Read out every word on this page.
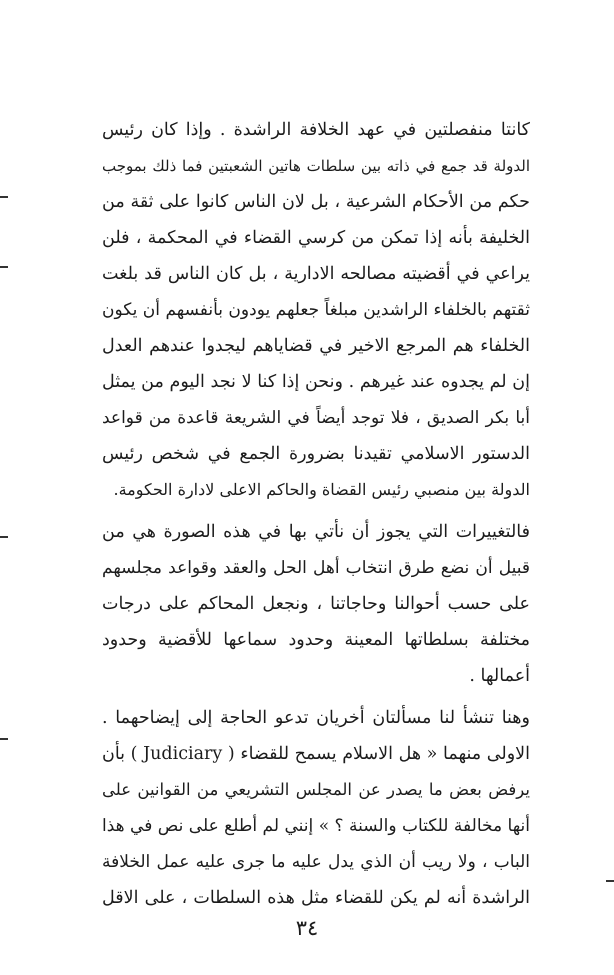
كانتا منفصلتين في عهد الخلافة الراشدة . وإذا كان رئيس
الدولة قد جمع في ذاته بين سلطات هاتين الشعبتين فما ذلك بموجب
حكم من الأحكام الشرعية ، بل لان الناس كانوا على ثقة من
الخليفة بأنه إذا تمكن من كرسي القضاء في المحكمة ، فلن
يراعي في أقضيته مصالحه الادارية ، بل كان الناس قد بلغت
ثقتهم بالخلفاء الراشدين مبلغاً جعلهم يودون بأنفسهم أن يكون
الخلفاء هم المرجع الاخير في قضاياهم ليجدوا عندهم العدل
إن لم يجدوه عند غيرهم . ونحن إذا كنا لا نجد اليوم من يمثل
أبا بكر الصديق ، فلا توجد أيضاً في الشريعة قاعدة من قواعد
الدستور الاسلامي تقيدنا بضرورة الجمع في شخص رئيس
الدولة بين منصبي رئيس القضاة والحاكم الاعلى لادارة الحكومة.
فالتغييرات التي يجوز أن نأتي بها في هذه الصورة هي من
قبيل أن نضع طرق انتخاب أهل الحل والعقد وقواعد مجلسهم
على حسب أحوالنا وحاجاتنا ، ونجعل المحاكم على درجات
مختلفة بسلطاتها المعينة وحدود سماعها للأقضية وحدود
أعمالها .
وهنا تنشأ لنا مسألتان أخريان تدعو الحاجة إلى إيضاحهما .
الاولى منهما « هل الاسلام يسمح للقضاء ( Judiciary ) بأن
يرفض بعض ما يصدر عن المجلس التشريعي من القوانين على
أنها مخالفة للكتاب والسنة ؟ » إنني لم أطلع على نص في هذا
الباب ، ولا ريب أن الذي يدل عليه ما جرى عليه عمل الخلافة
الراشدة أنه لم يكن للقضاء مثل هذه السلطات ، على الاقل
٣٤
